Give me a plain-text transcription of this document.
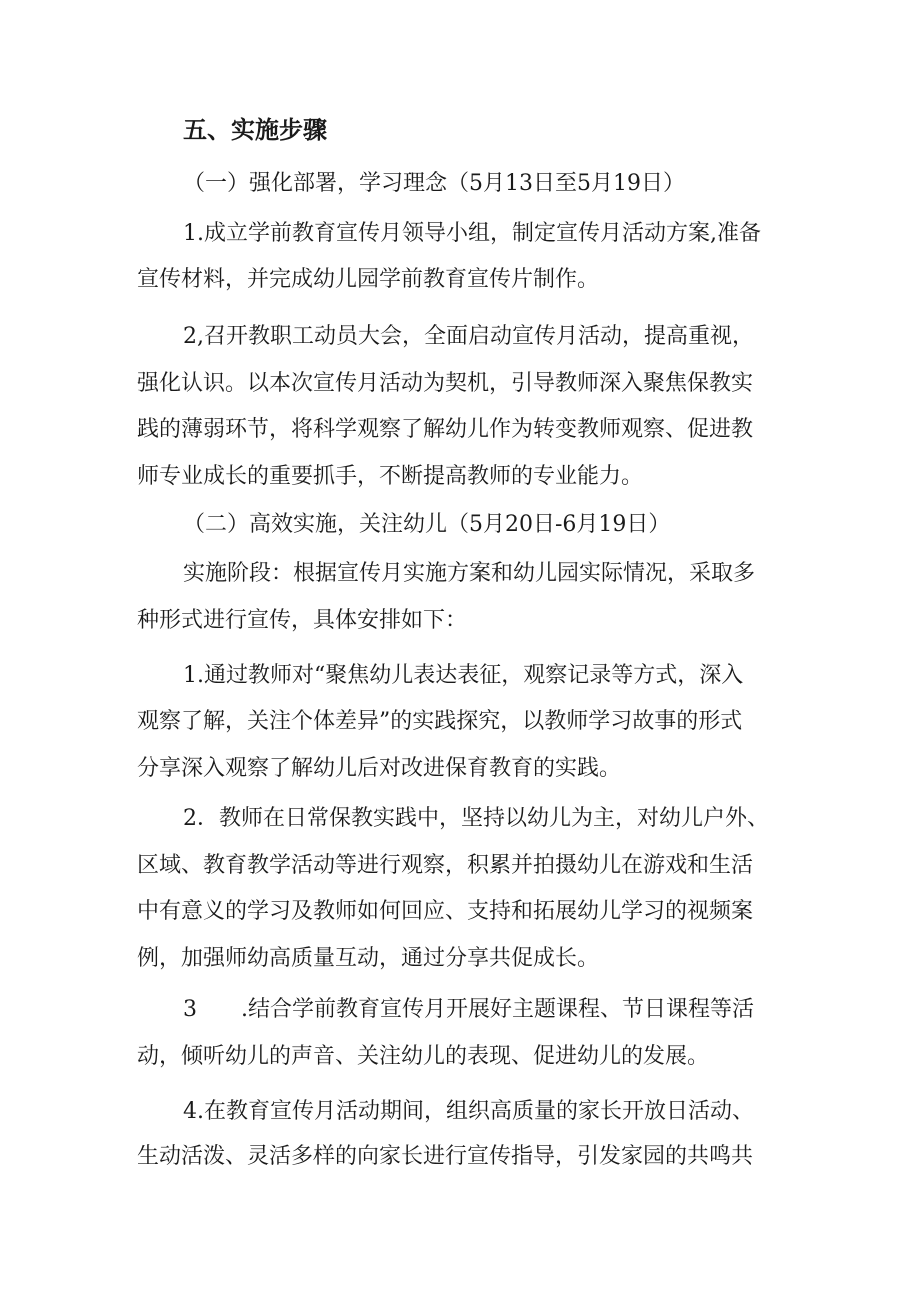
五、实施步骤
（一）强化部署，学习理念（5月13日至5月19日）
1.成立学前教育宣传月领导小组，制定宣传月活动方案,准备
宣传材料，并完成幼儿园学前教育宣传片制作。
2,召开教职工动员大会，全面启动宣传月活动，提高重视，
强化认识。以本次宣传月活动为契机，引导教师深入聚焦保教实
践的薄弱环节，将科学观察了解幼儿作为转变教师观察、促进教
师专业成长的重要抓手，不断提高教师的专业能力。
（二）高效实施，关注幼儿（5月20日-6月19日）
实施阶段：根据宣传月实施方案和幼儿园实际情况，采取多
种形式进行宣传，具体安排如下：
1.通过教师对“聚焦幼儿表达表征，观察记录等方式，深入
观察了解，关注个体差异”的实践探究，以教师学习故事的形式
分享深入观察了解幼儿后对改进保育教育的实践。
2．教师在日常保教实践中，坚持以幼儿为主，对幼儿户外、
区域、教育教学活动等进行观察，积累并拍摄幼儿在游戏和生活
中有意义的学习及教师如何回应、支持和拓展幼儿学习的视频案
例，加强师幼高质量互动，通过分享共促成长。
3　　.结合学前教育宣传月开展好主题课程、节日课程等活
动，倾听幼儿的声音、关注幼儿的表现、促进幼儿的发展。
4.在教育宣传月活动期间，组织高质量的家长开放日活动、
生动活泼、灵活多样的向家长进行宣传指导，引发家园的共鸣共
